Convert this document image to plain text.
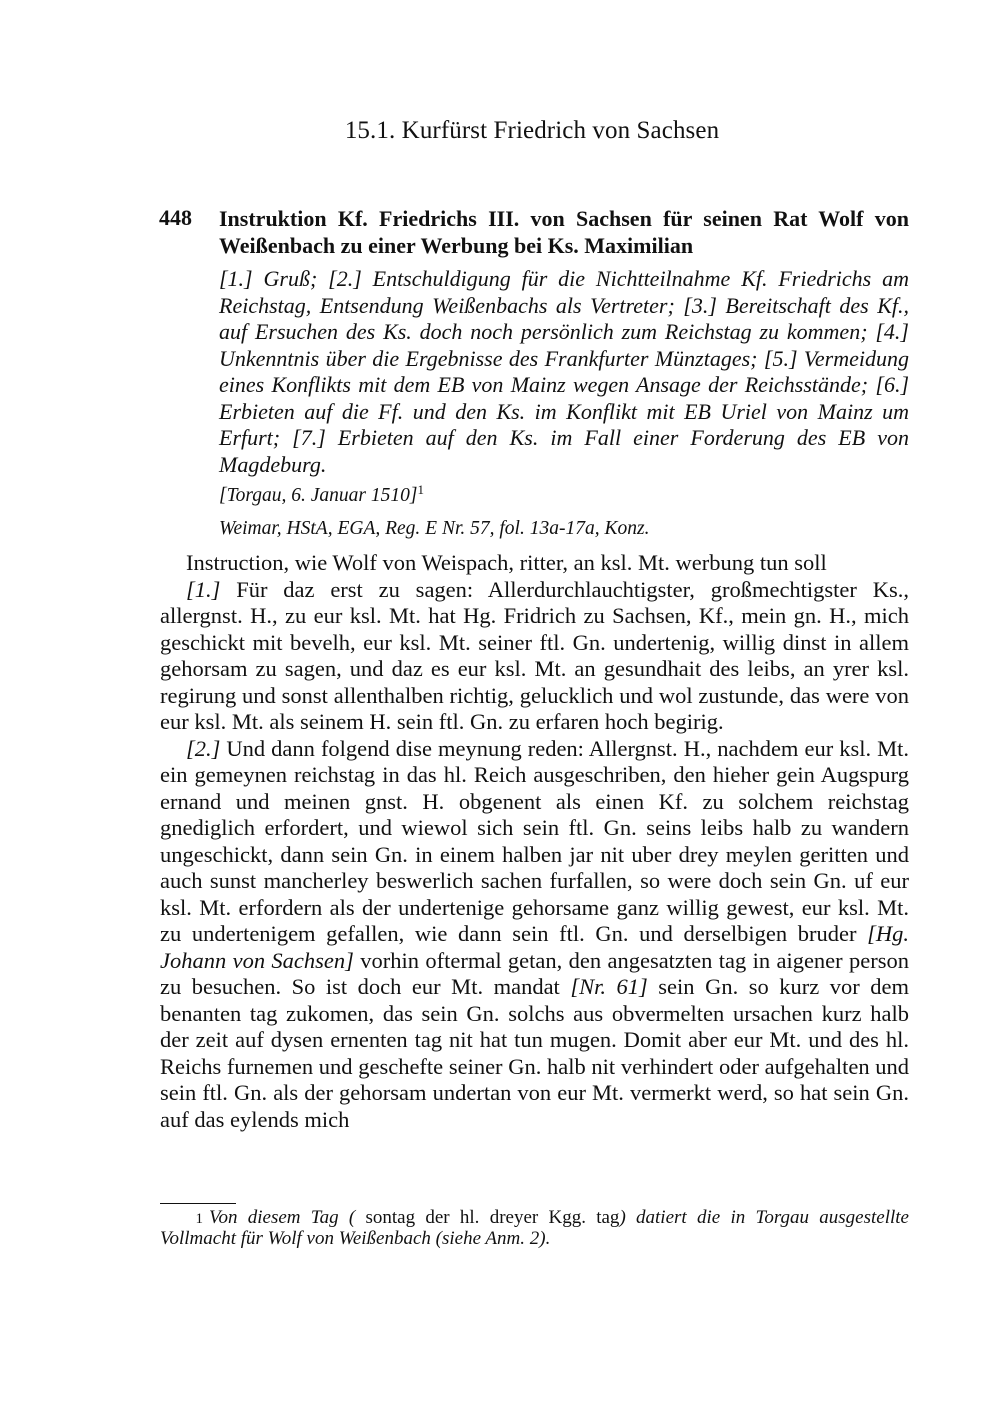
15.1. Kurfürst Friedrich von Sachsen
448 Instruktion Kf. Friedrichs III. von Sachsen für seinen Rat Wolf von Weißenbach zu einer Werbung bei Ks. Maximilian
[1.] Gruß; [2.] Entschuldigung für die Nichtteilnahme Kf. Friedrichs am Reichstag, Entsendung Weißenbachs als Vertreter; [3.] Bereitschaft des Kf., auf Ersuchen des Ks. doch noch persönlich zum Reichstag zu kommen; [4.] Unkenntnis über die Ergebnisse des Frankfurter Münztages; [5.] Vermeidung eines Konflikts mit dem EB von Mainz wegen Ansage der Reichsstände; [6.] Erbieten auf die Ff. und den Ks. im Konflikt mit EB Uriel von Mainz um Erfurt; [7.] Erbieten auf den Ks. im Fall einer Forderung des EB von Magdeburg.
[Torgau, 6. Januar 1510]$^1$
Weimar, HStA, EGA, Reg. E Nr. 57, fol. 13a-17a, Konz.

Instruction, wie Wolf von Weispach, ritter, an ksl. Mt. werbung tun soll

[1.] Für daz erst zu sagen: Allerdurchlauchtigster, großmechtigster Ks., allergnst. H., zu eur ksl. Mt. hat Hg. Fridrich zu Sachsen, Kf., mein gn. H., mich geschickt mit bevelh, eur ksl. Mt. seiner ftl. Gn. undertenig, willig dinst in allem gehorsam zu sagen, und daz es eur ksl. Mt. an gesundhait des leibs, an yrer ksl. regirung und sonst allenthalben richtig, gelucklich und wol zustunde, das were von eur ksl. Mt. als seinem H. sein ftl. Gn. zu erfaren hoch begirig.

[2.] Und dann folgend dise meynung reden: Allergnst. H., nachdem eur ksl. Mt. ein gemeynen reichstag in das hl. Reich ausgeschriben, den hieher gein Augspurg ernand und meinen gnst. H. obgenent als einen Kf. zu solchem reichstag gnediglich erfordert, und wiewol sich sein ftl. Gn. seins leibs halb zu wandern ungeschickt, dann sein Gn. in einem halben jar nit uber drey meylen geritten und auch sunst mancherley beswerlich sachen furfallen, so were doch sein Gn. uf eur ksl. Mt. erfordern als der undertenige gehorsame ganz willig gewest, eur ksl. Mt. zu undertenigem gefallen, wie dann sein ftl. Gn. und derselbigen bruder [Hg. Johann von Sachsen] vorhin oftermal getan, den angesatzten tag in aigener person zu besuchen. So ist doch eur Mt. mandat [Nr. 61] sein Gn. so kurz vor dem benanten tag zukomen, das sein Gn. solchs aus obvermelten ursachen kurz halb der zeit auf dysen ernenten tag nit hat tun mugen. Domit aber eur Mt. und des hl. Reichs furnemen und geschefte seiner Gn. halb nit verhindert oder aufgehalten und sein ftl. Gn. als der gehorsam undertan von eur Mt. vermerkt werd, so hat sein Gn. auf das eylends mich

1 Von diesem Tag ( sontag der hl. dreyer Kgg. tag) datiert die in Torgau ausgestellte Vollmacht für Wolf von Weißenbach (siehe Anm. 2).
